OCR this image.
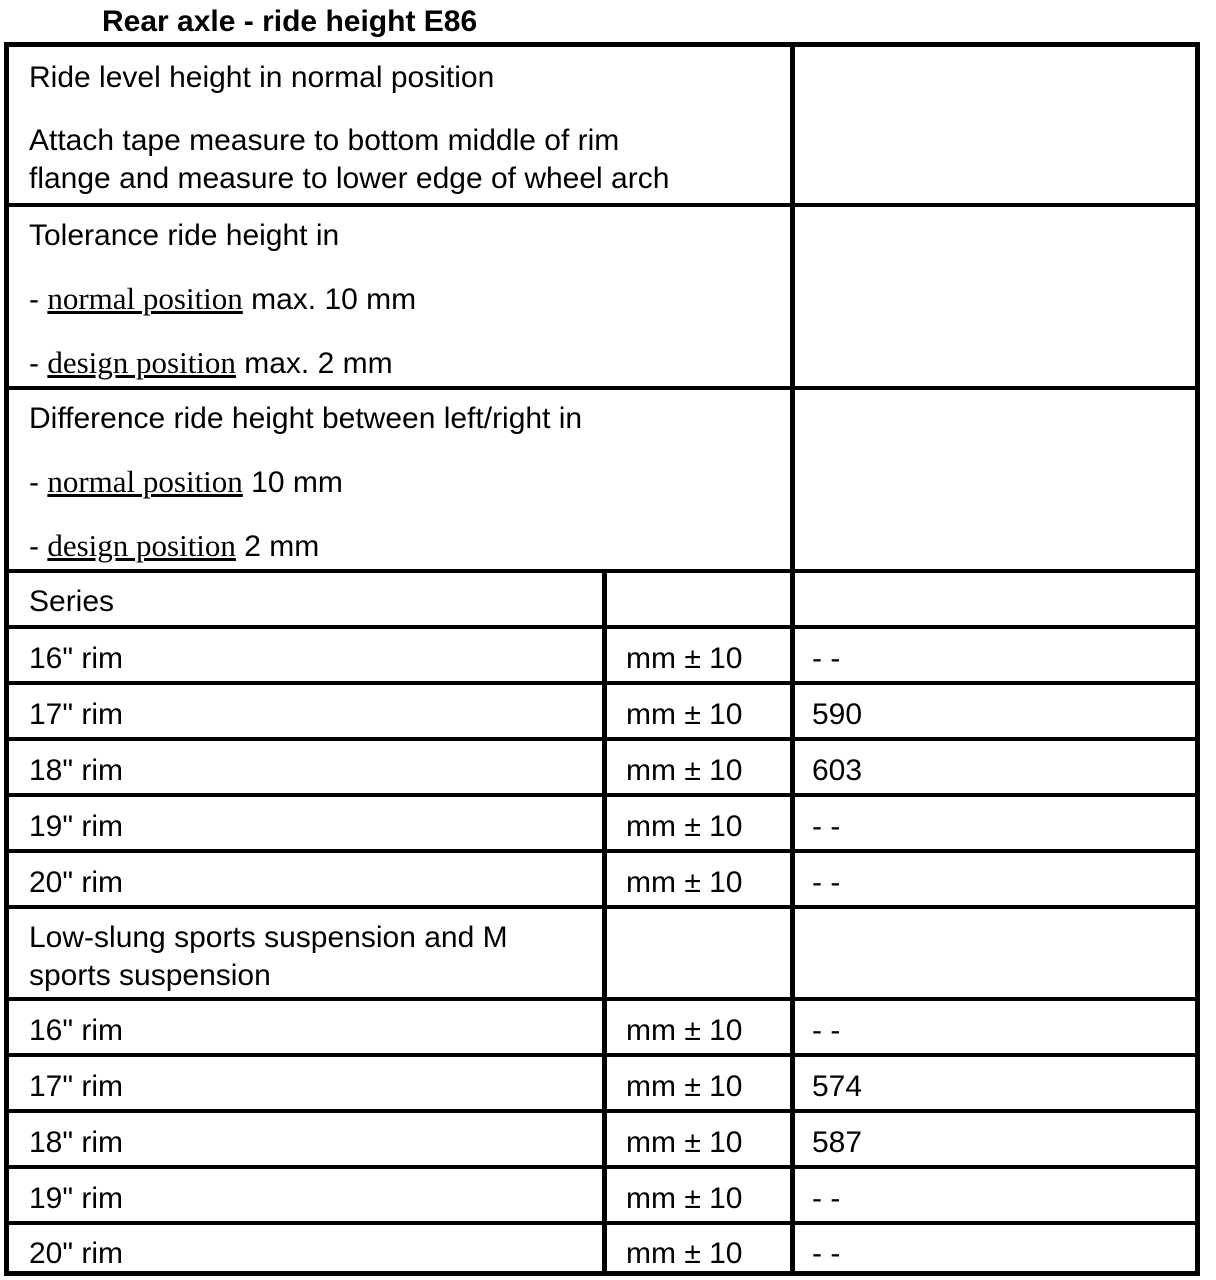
Rear axle - ride height E86

Ride level height in normal position

Attach tape measure to bottom middle of rim

flange and measure to lower edge of wheel arch

Tolerance ride height in

- normal position max. 10 mm

- design position max. 2 mm

Difference ride height between left/right in

- normal position 10 mm

- design position 2 mm

Series
16" rim	mm ± 10 - -
17" rim	mm ± 10 590
18" rim	mm ± 10 603
19" rim	mm ± 10 - -
20" rim	mm ± 10 - -

Low-slung sports suspension and M

sports suspension

16" rim	mm ± 10 - -
17" rim	mm ± 10 574
18" rim	mm ± 10 587
19" rim	mm ± 10 - -
20" rim	mm ± 10 - -
